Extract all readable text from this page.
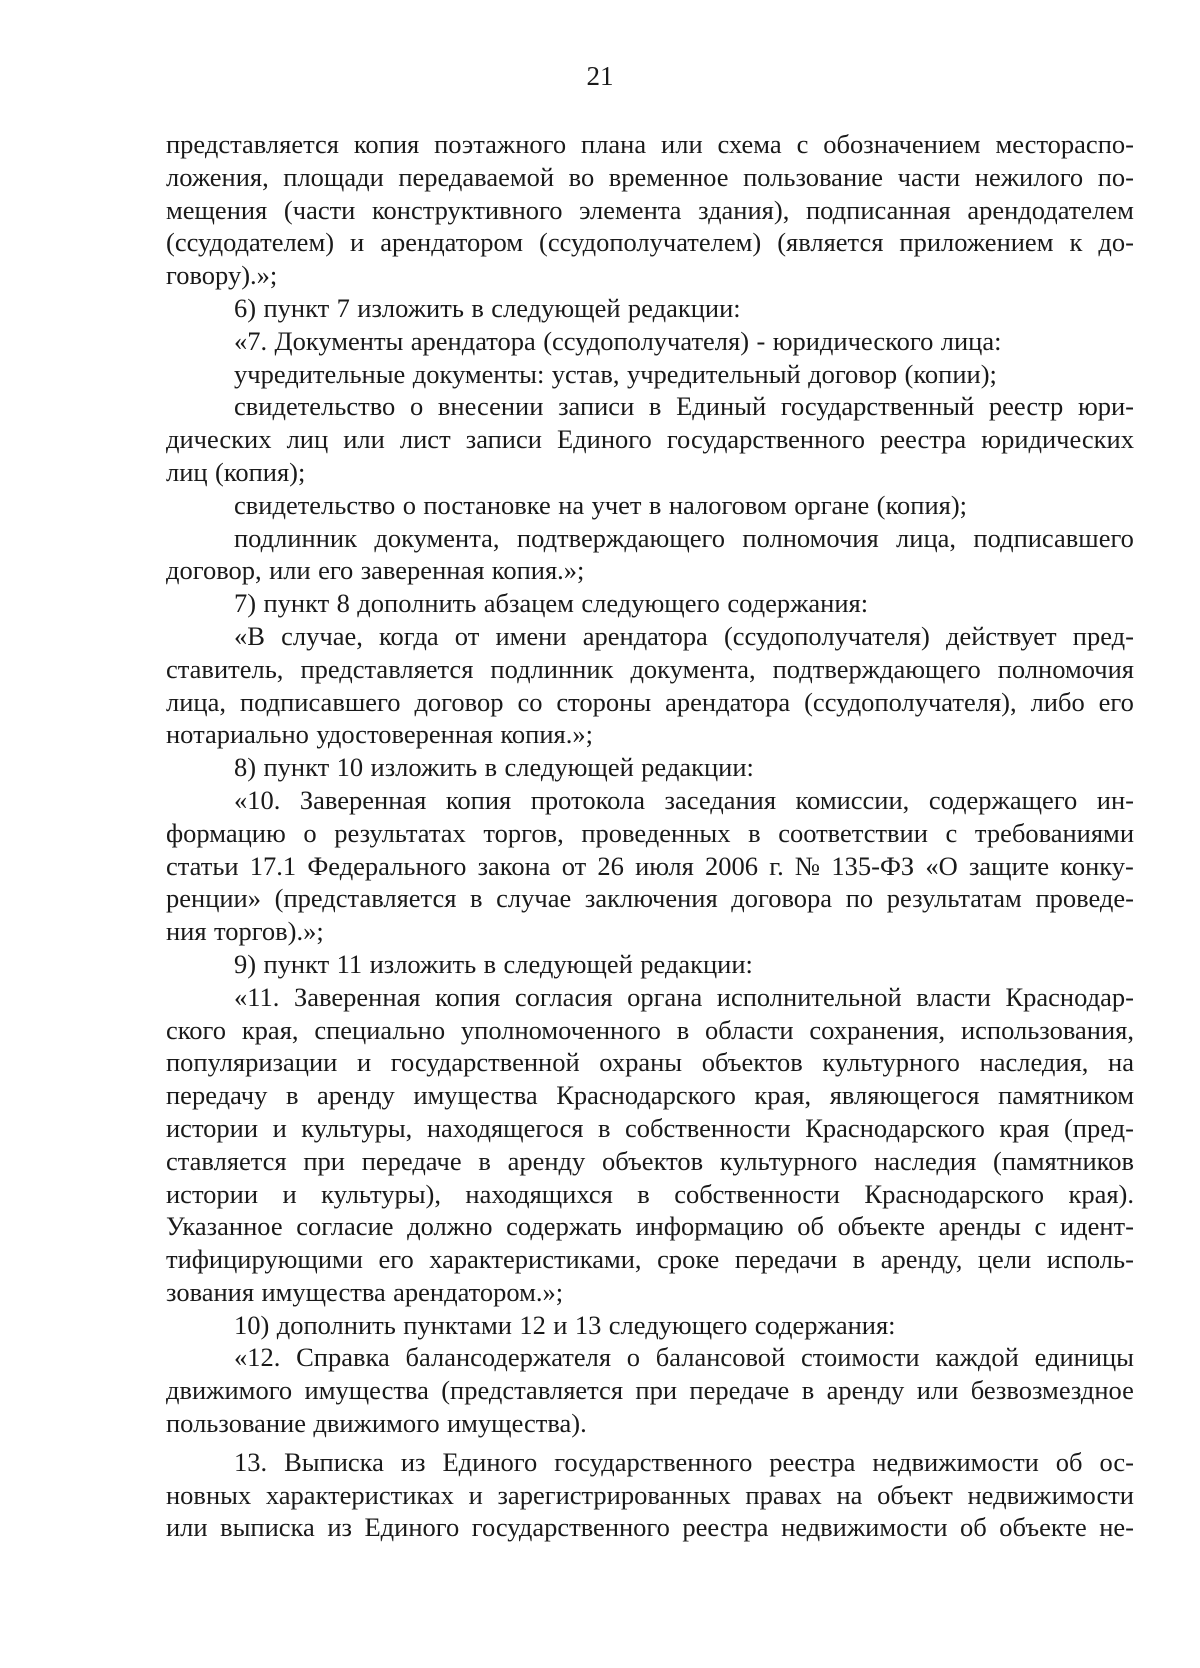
21
представляется копия поэтажного плана или схема с обозначением местораспо-
ложения, площади передаваемой во временное пользование части нежилого по-
мещения (части конструктивного элемента здания), подписанная арендодателем
(ссудодателем) и арендатором (ссудополучателем) (является приложением к до-
говору).»;
6) пункт 7 изложить в следующей редакции:
«7. Документы арендатора (ссудополучателя) - юридического лица:
учредительные документы: устав, учредительный договор (копии);
свидетельство о внесении записи в Единый государственный реестр юри-
дических лиц или лист записи Единого государственного реестра юридических
лиц (копия);
свидетельство о постановке на учет в налоговом органе (копия);
подлинник документа, подтверждающего полномочия лица, подписавшего
договор, или его заверенная копия.»;
7) пункт 8 дополнить абзацем следующего содержания:
«В случае, когда от имени арендатора (ссудополучателя) действует пред-
ставитель, представляется подлинник документа, подтверждающего полномочия
лица, подписавшего договор со стороны арендатора (ссудополучателя), либо его
нотариально удостоверенная копия.»;
8) пункт 10 изложить в следующей редакции:
«10. Заверенная копия протокола заседания комиссии, содержащего ин-
формацию о результатах торгов, проведенных в соответствии с требованиями
статьи 17.1 Федерального закона от 26 июля 2006 г. № 135-ФЗ «О защите конку-
ренции» (представляется в случае заключения договора по результатам проведе-
ния торгов).»;
9) пункт 11 изложить в следующей редакции:
«11. Заверенная копия согласия органа исполнительной власти Краснодар-
ского края, специально уполномоченного в области сохранения, использования,
популяризации и государственной охраны объектов культурного наследия, на
передачу в аренду имущества Краснодарского края, являющегося памятником
истории и культуры, находящегося в собственности Краснодарского края (пред-
ставляется при передаче в аренду объектов культурного наследия (памятников
истории и культуры), находящихся в собственности Краснодарского края).
Указанное согласие должно содержать информацию об объекте аренды с идент-
тифицирующими его характеристиками, сроке передачи в аренду, цели исполь-
зования имущества арендатором.»;
10) дополнить пунктами 12 и 13 следующего содержания:
«12. Справка балансодержателя о балансовой стоимости каждой единицы
движимого имущества (представляется при передаче в аренду или безвозмездное
пользование движимого имущества).
13. Выписка из Единого государственного реестра недвижимости об ос-
новных характеристиках и зарегистрированных правах на объект недвижимости
или выписка из Единого государственного реестра недвижимости об объекте не-
